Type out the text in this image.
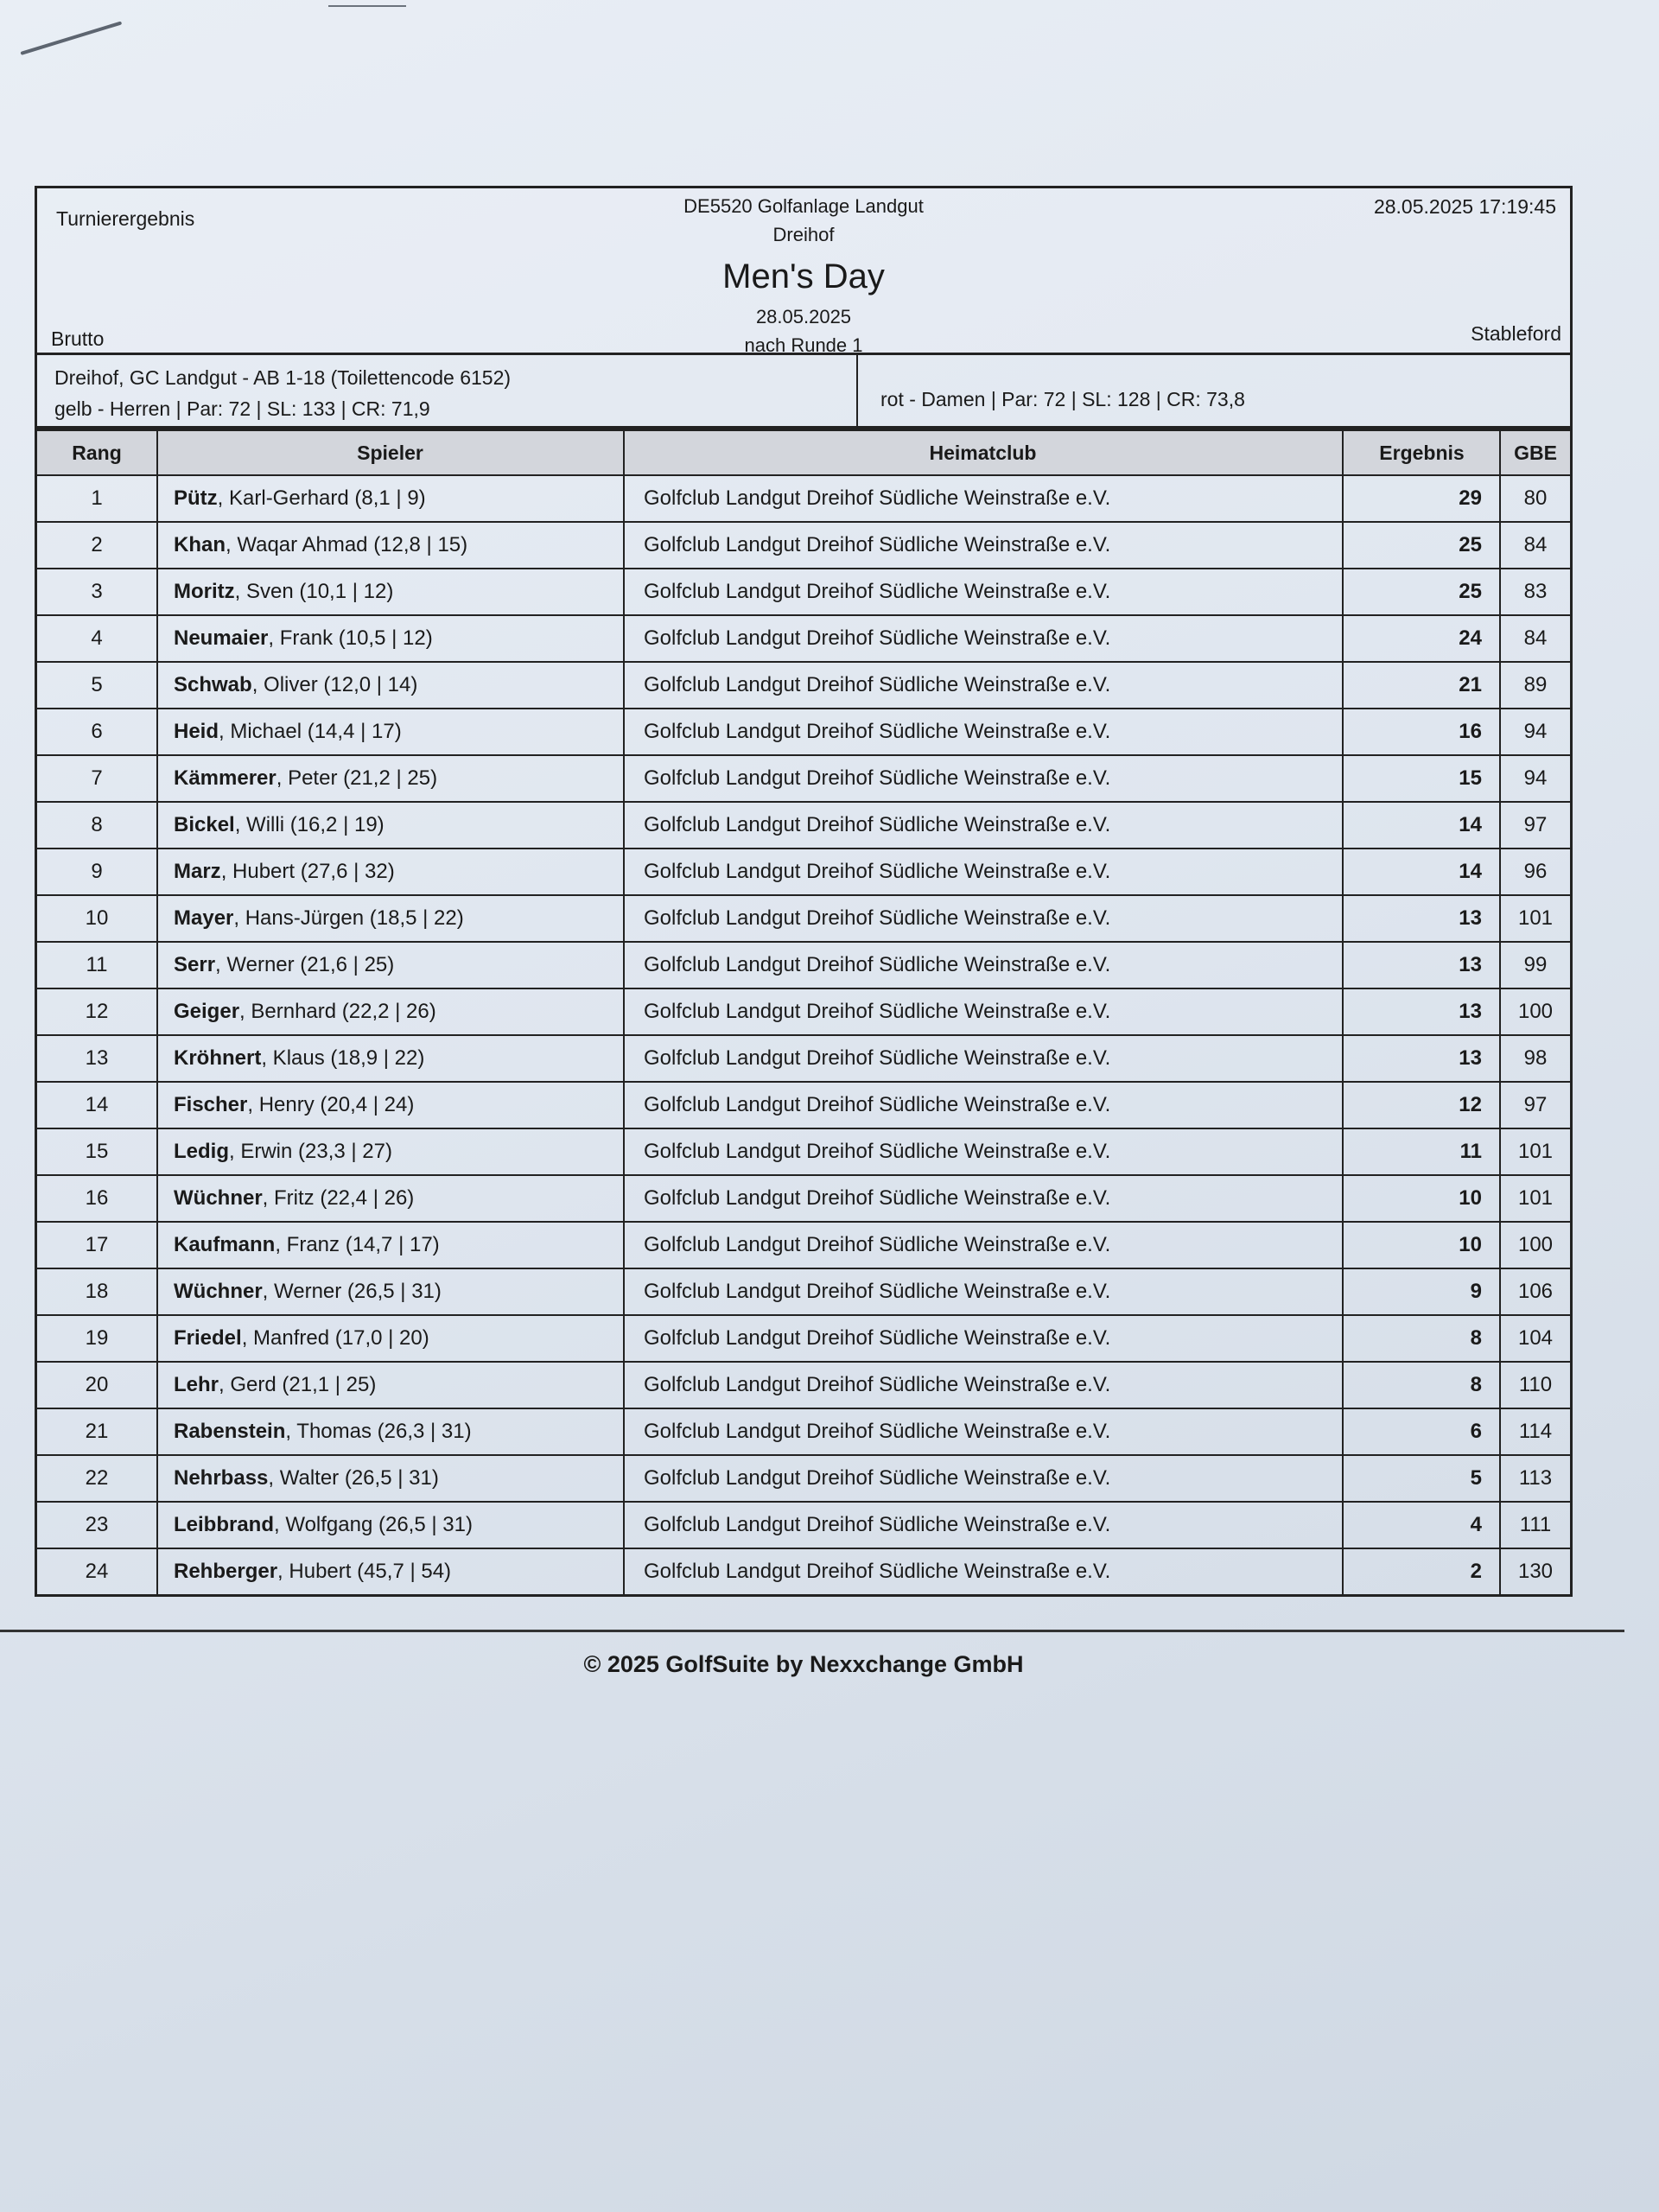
Turnierergebnis
Brutto
28.05.2025 17:19:45
Stableford
DE5520 Golfanlage Landgut
Dreihof
Men's Day
28.05.2025
nach Runde 1
Dreihof, GC Landgut - AB 1-18 (Toilettencode 6152)
gelb - Herren | Par: 72 | SL: 133 | CR: 71,9	rot - Damen | Par: 72 | SL: 128 | CR: 73,8
Rang	Spieler	Heimatclub	Ergebnis	GBE
1	Pütz, Karl-Gerhard (8,1 | 9)	Golfclub Landgut Dreihof Südliche Weinstraße e.V.	29	80
2	Khan, Waqar Ahmad (12,8 | 15)	Golfclub Landgut Dreihof Südliche Weinstraße e.V.	25	84
3	Moritz, Sven (10,1 | 12)	Golfclub Landgut Dreihof Südliche Weinstraße e.V.	25	83
4	Neumaier, Frank (10,5 | 12)	Golfclub Landgut Dreihof Südliche Weinstraße e.V.	24	84
5	Schwab, Oliver (12,0 | 14)	Golfclub Landgut Dreihof Südliche Weinstraße e.V.	21	89
6	Heid, Michael (14,4 | 17)	Golfclub Landgut Dreihof Südliche Weinstraße e.V.	16	94
7	Kämmerer, Peter (21,2 | 25)	Golfclub Landgut Dreihof Südliche Weinstraße e.V.	15	94
8	Bickel, Willi (16,2 | 19)	Golfclub Landgut Dreihof Südliche Weinstraße e.V.	14	97
9	Marz, Hubert (27,6 | 32)	Golfclub Landgut Dreihof Südliche Weinstraße e.V.	14	96
10	Mayer, Hans-Jürgen (18,5 | 22)	Golfclub Landgut Dreihof Südliche Weinstraße e.V.	13	101
11	Serr, Werner (21,6 | 25)	Golfclub Landgut Dreihof Südliche Weinstraße e.V.	13	99
12	Geiger, Bernhard (22,2 | 26)	Golfclub Landgut Dreihof Südliche Weinstraße e.V.	13	100
13	Kröhnert, Klaus (18,9 | 22)	Golfclub Landgut Dreihof Südliche Weinstraße e.V.	13	98
14	Fischer, Henry (20,4 | 24)	Golfclub Landgut Dreihof Südliche Weinstraße e.V.	12	97
15	Ledig, Erwin (23,3 | 27)	Golfclub Landgut Dreihof Südliche Weinstraße e.V.	11	101
16	Wüchner, Fritz (22,4 | 26)	Golfclub Landgut Dreihof Südliche Weinstraße e.V.	10	101
17	Kaufmann, Franz (14,7 | 17)	Golfclub Landgut Dreihof Südliche Weinstraße e.V.	10	100
18	Wüchner, Werner (26,5 | 31)	Golfclub Landgut Dreihof Südliche Weinstraße e.V.	9	106
19	Friedel, Manfred (17,0 | 20)	Golfclub Landgut Dreihof Südliche Weinstraße e.V.	8	104
20	Lehr, Gerd (21,1 | 25)	Golfclub Landgut Dreihof Südliche Weinstraße e.V.	8	110
21	Rabenstein, Thomas (26,3 | 31)	Golfclub Landgut Dreihof Südliche Weinstraße e.V.	6	114
22	Nehrbass, Walter (26,5 | 31)	Golfclub Landgut Dreihof Südliche Weinstraße e.V.	5	113
23	Leibbrand, Wolfgang (26,5 | 31)	Golfclub Landgut Dreihof Südliche Weinstraße e.V.	4	111
24	Rehberger, Hubert (45,7 | 54)	Golfclub Landgut Dreihof Südliche Weinstraße e.V.	2	130
© 2025 GolfSuite by Nexxchange GmbH
